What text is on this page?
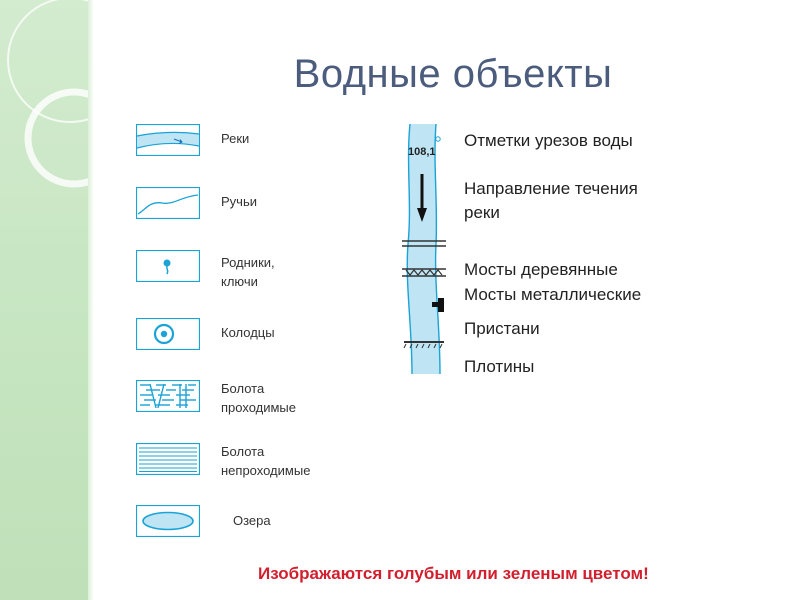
Водные объекты
Реки
Ручьи
Родники,
ключи
Колодцы
Болота
проходимые
Болота
непроходимые
Озера
108,1
Отметки урезов воды
Направление течения
реки
Мосты деревянные
Мосты металлические
Пристани
Плотины
Изображаются голубым или зеленым цветом!
